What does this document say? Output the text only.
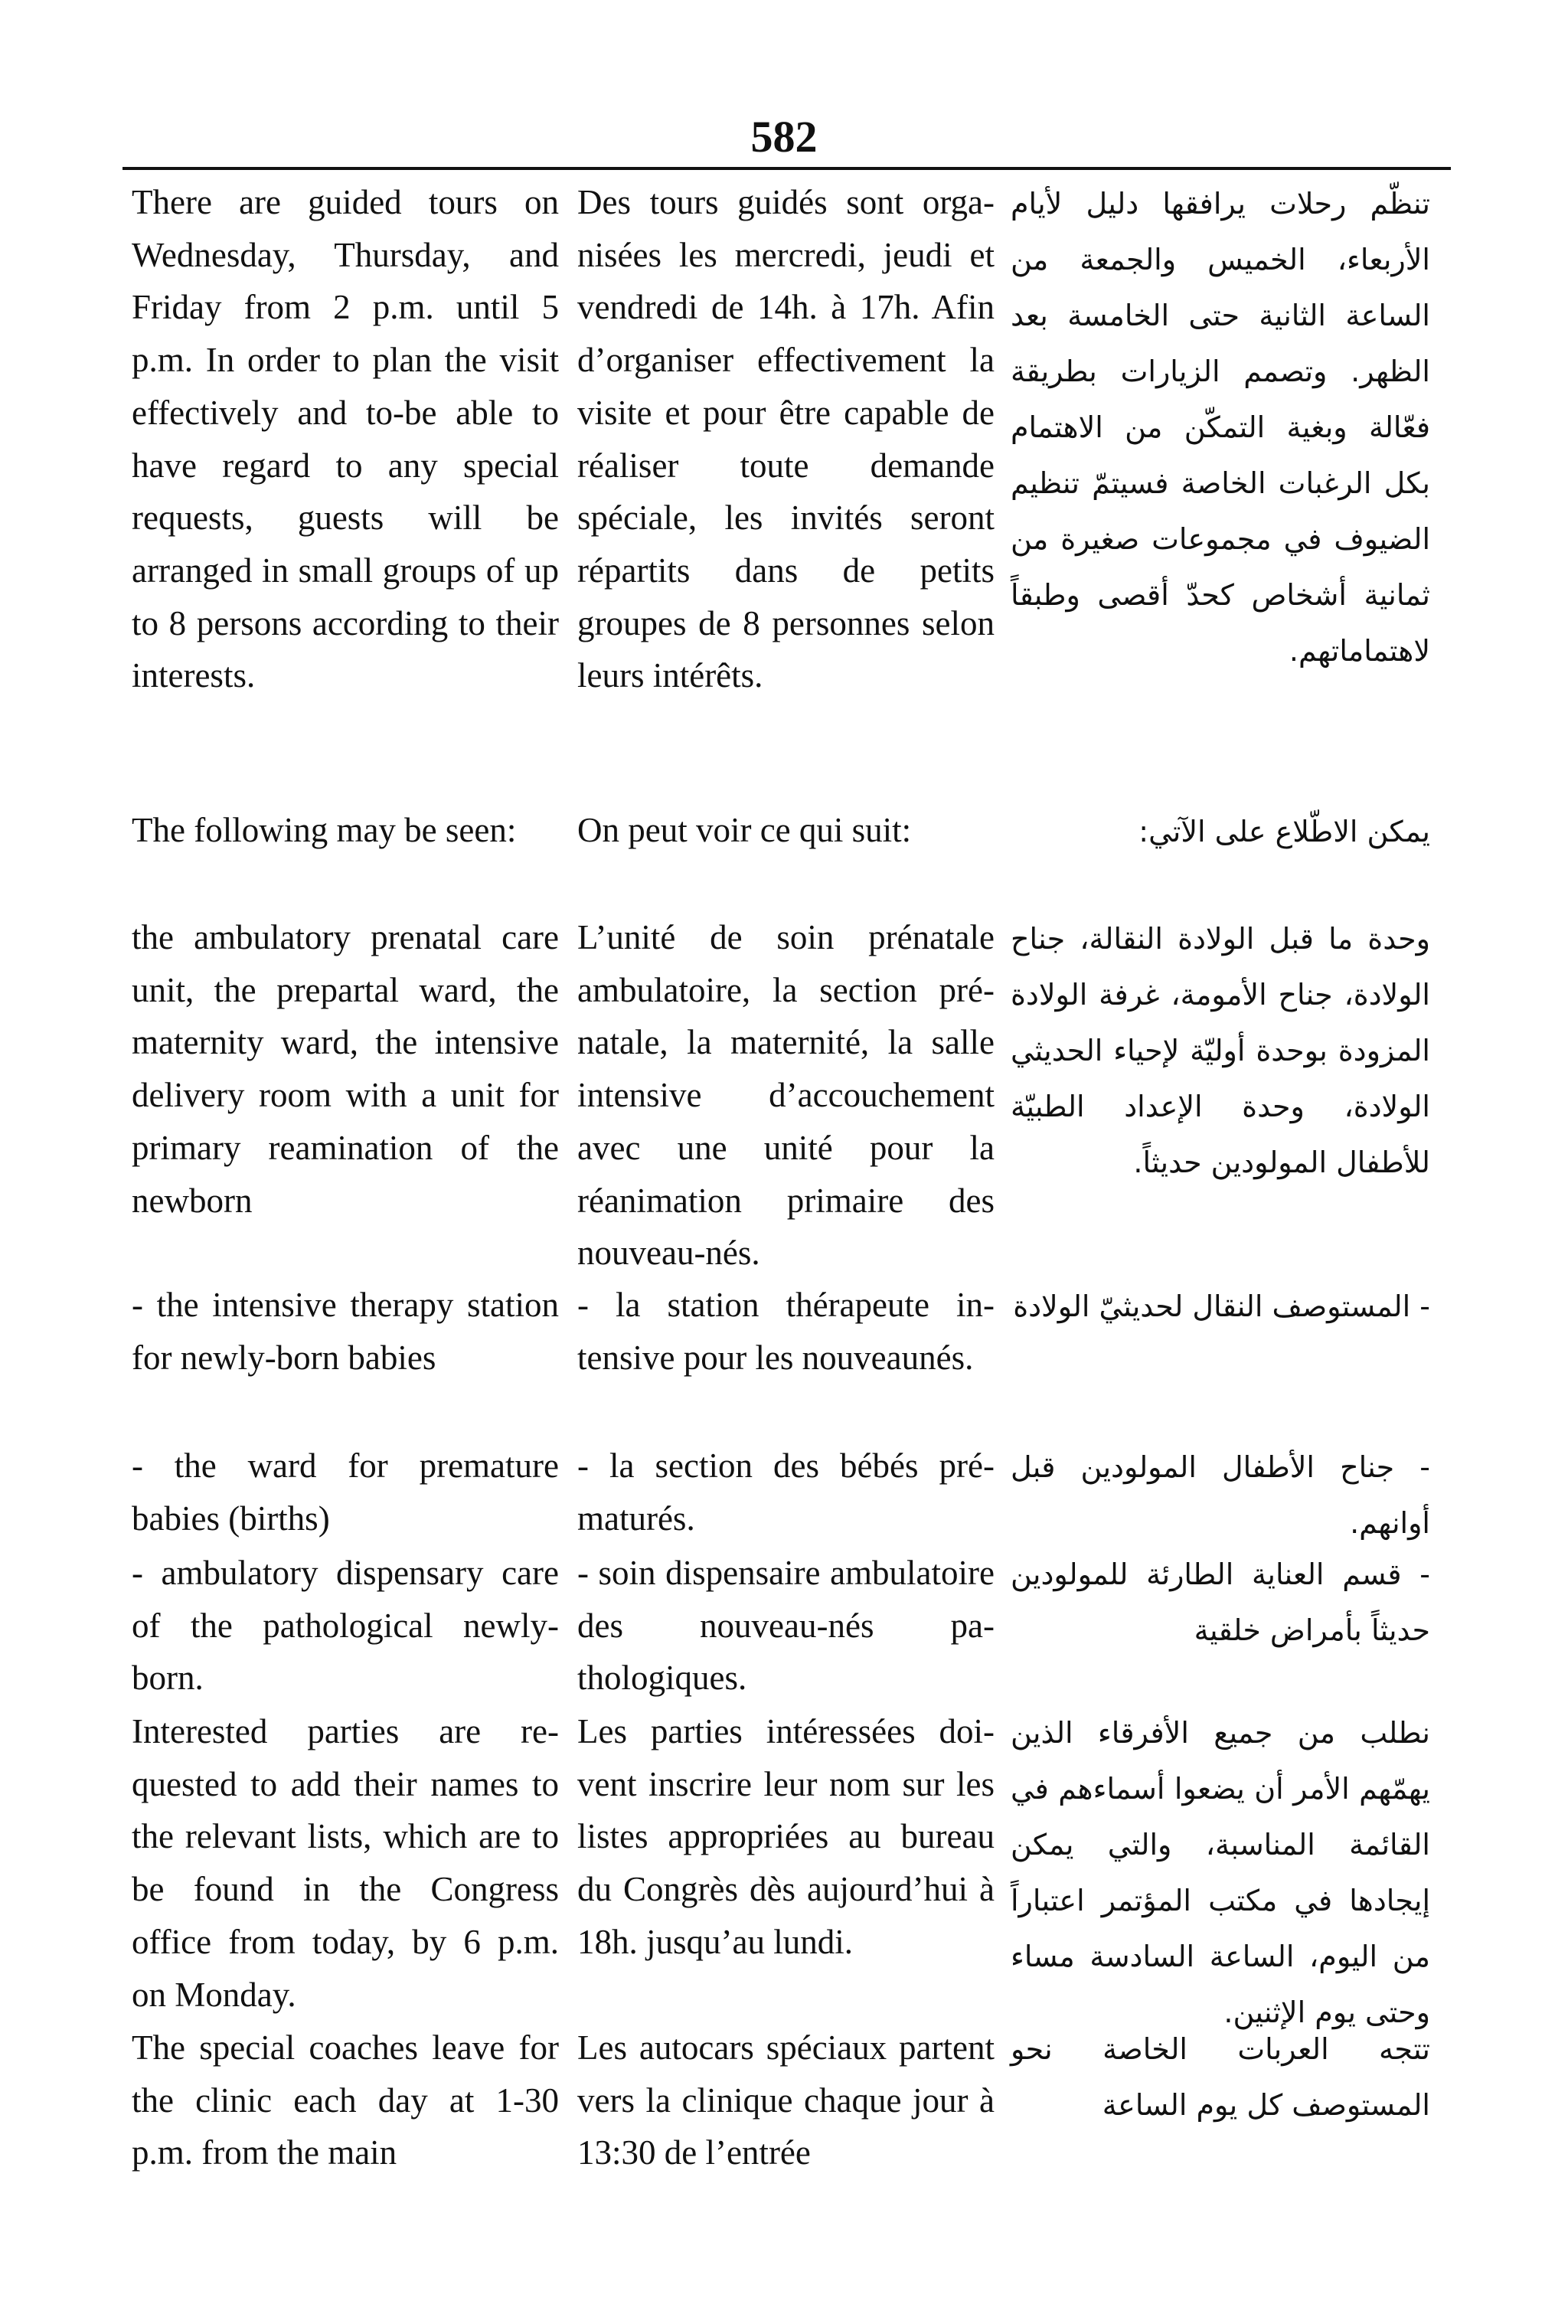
582

There are guided tours on Wednesday, Thursday, and Friday from 2 p.m. until 5 p.m. In order to plan the visit effectively and to-be able to have regard to any special requests, guests will be arranged in small groups of up to 8 persons according to their interests.

The following may be seen:

the ambulatory prenatal care unit, the prepartal ward, the maternity ward, the intensive delivery room with a unit for primary reamination of the newborn

- the intensive therapy station for newly-born babies

- the ward for premature babies (births)

- ambulatory dispensary care of the pathological newly-born.

Interested parties are requested to add their names to the relevant lists, which are to be found in the Congress office from today, by 6 p.m. on Monday.

The special coaches leave for the clinic each day at 1-30 p.m. from the main

Des tours guidés sont organisées les mercredi, jeudi et vendredi de 14h. à 17h. Afin d’organiser effectivement la visite et pour être capable de réaliser toute demande spéciale, les invités seront répartits dans de petits groupes de 8 personnes selon leurs intérêts.

On peut voir ce qui suit:

L’unité de soin prénatale ambulatoire, la section prénatale, la maternité, la salle intensive d’accouchement avec une unité pour la réanimation primaire des nouveau-nés.

- la station thérapeute intensive pour les nouveaunés.

- la section des bébés prématurés.

- soin dispensaire ambulatoire des nouveau-nés pathologiques.

Les parties intéressées doivent inscrire leur nom sur les listes appropriées au bureau du Congrès dès aujourd’hui à 18h. jusqu’au lundi.

Les autocars spéciaux partent vers la clinique chaque jour à 13:30 de l’entrée

تنظّم رحلات يرافقها دليل لأيام الأربعاء، الخميس والجمعة من الساعة الثانية حتى الخامسة بعد الظهر. وتصمم الزيارات بطريقة فعّالة وبغية التمكّن من الاهتمام بكل الرغبات الخاصة فسيتمّ تنظيم الضيوف في مجموعات صغيرة من ثمانية أشخاص كحدّ أقصى وطبقاً لاهتماماتهم.

يمكن الاطّلاع على الآتي:

وحدة ما قبل الولادة النقالة، جناح الولادة، جناح الأمومة، غرفة الولادة المزودة بوحدة أوليّة لإحياء الحديثي الولادة، وحدة الإعداد الطبيّة للأطفال المولودين حديثاً.

- المستوصف النقال لحديثيّ الولادة

- جناح الأطفال المولودين قبل أوانهم.

- قسم العناية الطارئة للمولودين حديثاً بأمراض خلقية

نطلب من جميع الأفرقاء الذين يهمّهم الأمر أن يضعوا أسماءهم في القائمة المناسبة، والتي يمكن إيجادها في مكتب المؤتمر اعتباراً من اليوم، الساعة السادسة مساء وحتى يوم الإثنين.

تتجه العربات الخاصة نحو المستوصف كل يوم الساعة
